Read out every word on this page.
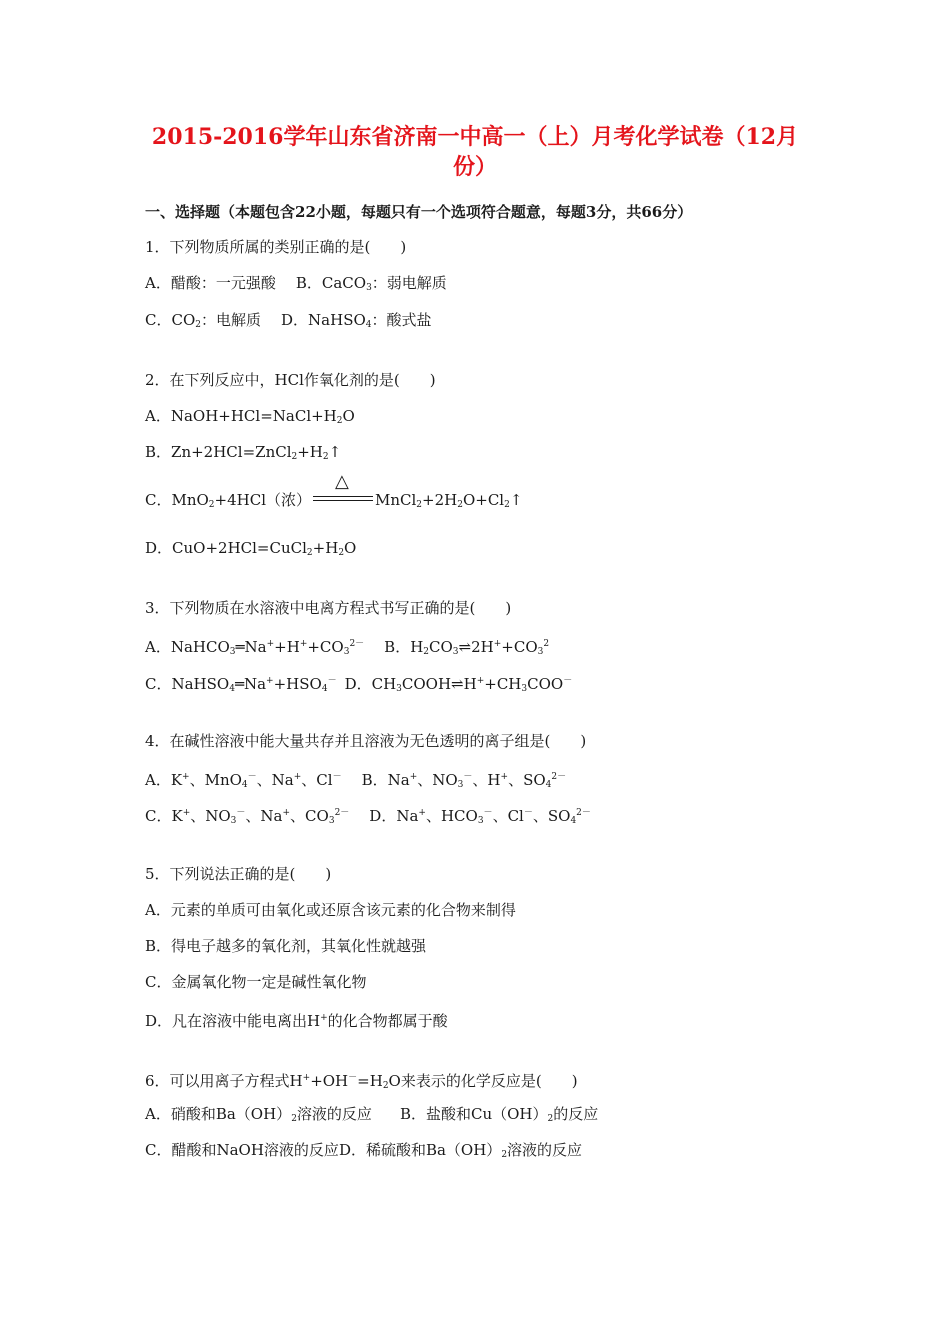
2015-2016学年山东省济南一中高一（上）月考化学试卷（12月
份）
一、选择题（本题包含22小题，每题只有一个选项符合题意，每题3分，共66分）
1．下列物质所属的类别正确的是(　　)
A．醋酸：一元强酸 B．CaCO$_3$：弱电解质
C．$CO_2$：电解质 D．NaHSO$_4$：酸式盐
2．在下列反应中，HCl作氧化剂的是(　　)
A．$NaOH+HCl=NaCl+H_2O$
B．$Zn+2HCl=ZnCl_2+H_2↑$
C．MnO$_2$+4HCl（浓）
△
$MnCl_2+2H_2O+Cl_2↑$
D．$CuO+2HCl=CuCl_2+H_2O$
3．下列物质在水溶液中电离方程式书写正确的是(　　)
A．$NaHCO_3═Na^++H^++CO_3^{2-}$ B．$H_2CO_3\rightleftharpoons 2H^++CO_3^2$
C．$NaHSO_4═Na^++HSO_4^-$ D．$CH_3COOH\rightleftharpoons H^++CH_3COO^-$
4．在碱性溶液中能大量共存并且溶液为无色透明的离子组是(　　)
A．K+、MnO$_4$－、Na+、Cl－ B．Na+、$NO_3^-$、H+、$SO_4^{2-}$
C．K+、$NO_3^-$、Na+、$CO_3^{2-}$ D．Na+、$HCO_3^-$、Cl－、$SO_4^{2-}$
5．下列说法正确的是(　　)
A．元素的单质可由氧化或还原含该元素的化合物来制得
B．得电子越多的氧化剂，其氧化性就越强
C．金属氧化物一定是碱性氧化物
D．凡在溶液中能电离出H+的化合物都属于酸
6．可以用离子方程式$H^++OH^-=H_2O$来表示的化学反应是(　　)
A．硝酸和$Ba(OH)_2$溶液的反应 B．盐酸和$Cu(OH)_2$的反应
C．醋酸和NaOH溶液的反应D．稀硫酸和$Ba(OH)_2$溶液的反应
